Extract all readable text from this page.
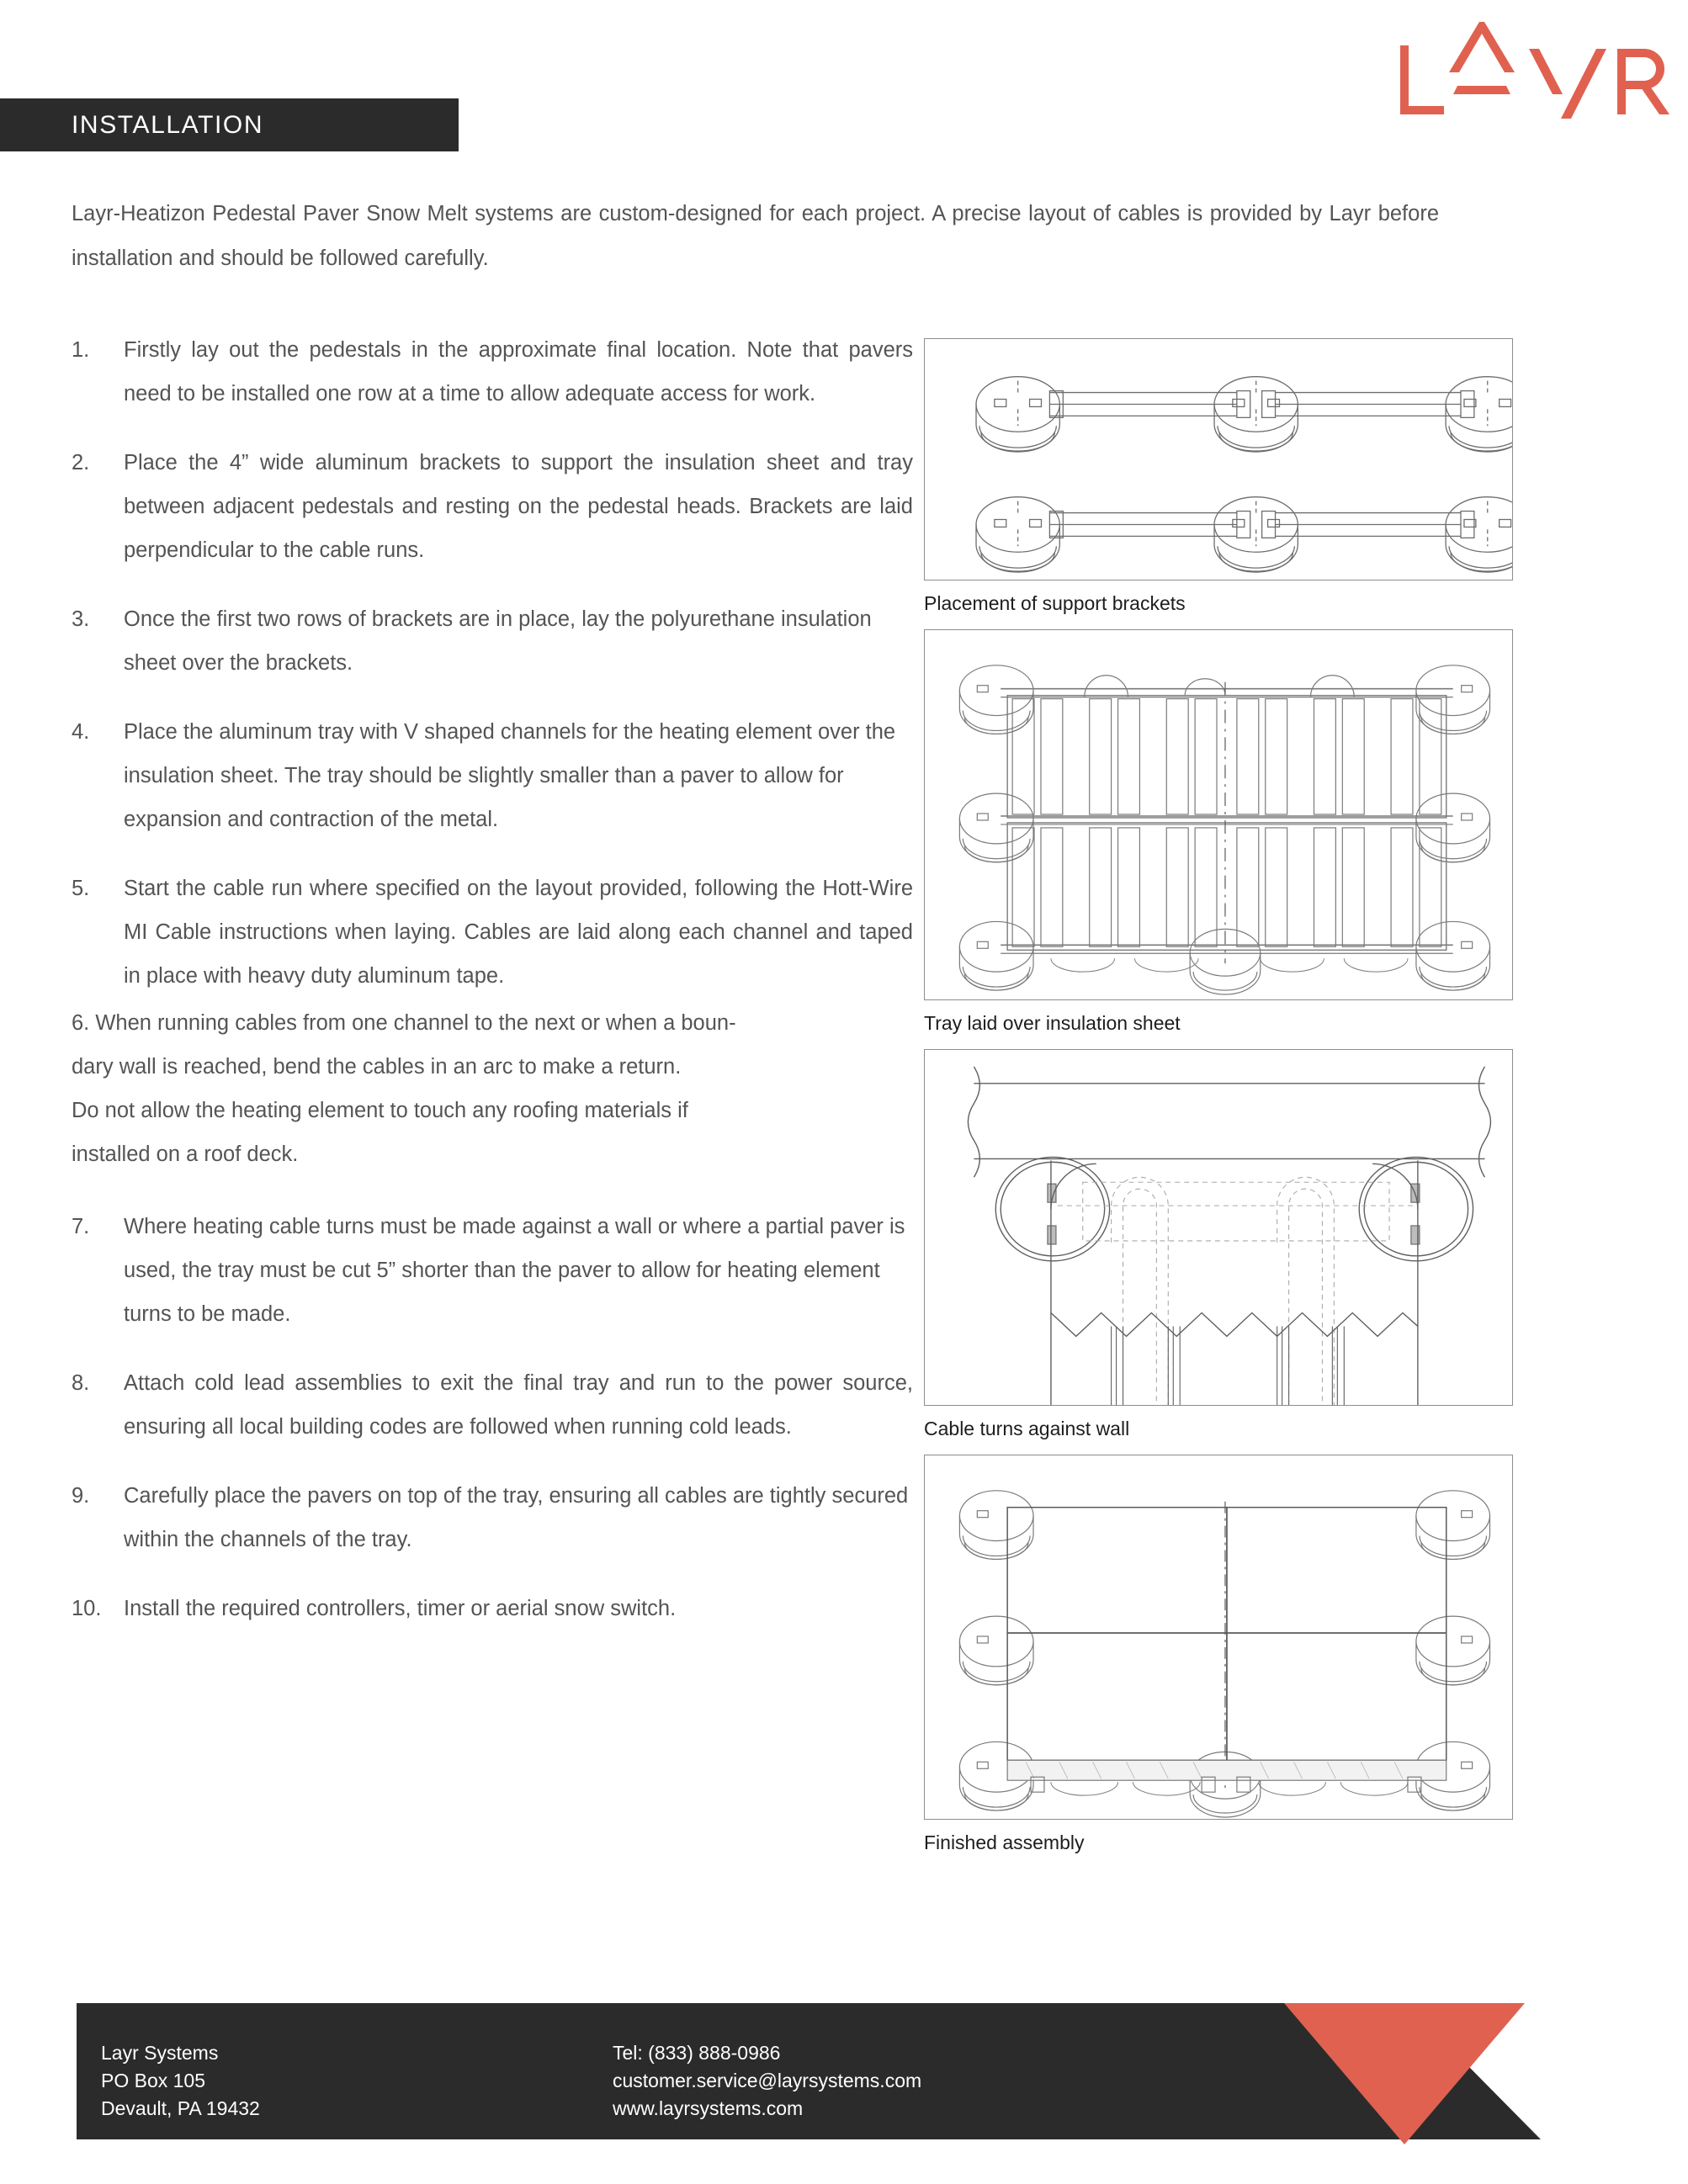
INSTALLATION
Layr-Heatizon Pedestal Paver Snow Melt systems are custom-designed for each project. A precise layout of cables is provided by Layr before installation and should be followed carefully.
1.	Firstly lay out the pedestals in the approximate final location. Note that pavers need to be installed one row at a time to allow adequate access for work.
2.	Place the 4” wide aluminum brackets to support the insulation sheet and tray between adjacent pedestals and resting on the pedestal heads. Brackets are laid perpendicular to the cable runs.
3.	Once the first two rows of brackets are in place, lay the polyurethane insulation sheet over the brackets.
4.	Place the aluminum tray with V shaped channels for the heating element over the insulation sheet. The tray should be slightly smaller than a paver to allow for expansion and contraction of the metal.
5.	Start the cable run where specified on the layout provided, following the Hott-Wire MI Cable instructions when laying. Cables are laid along each channel and taped in place with heavy duty aluminum tape.

6. When running cables from one channel to the next or when a boun-

dary wall is reached, bend the cables in an arc to make a return.

Do not allow the heating element to touch any roofing materials if

installed on a roof deck.

7.	Where heating cable turns must be made against a wall or where a partial paver is used, the tray must be cut 5” shorter than the paver to allow for heating element turns to be made.
8.	Attach cold lead assemblies to exit the final tray and run to the power source, ensuring all local building codes are followed when running cold leads.
9.	Carefully place the pavers on top of the tray, ensuring all cables are tightly secured within the channels of the tray.
10.	Install the required controllers, timer or aerial snow switch.
Placement of support brackets
Tray laid over insulation sheet
Cable turns against wall
Finished assembly
Layr Systems
PO Box 105
Devault, PA 19432
Tel: (833) 888-0986
customer.service@layrsystems.com
www.layrsystems.com
